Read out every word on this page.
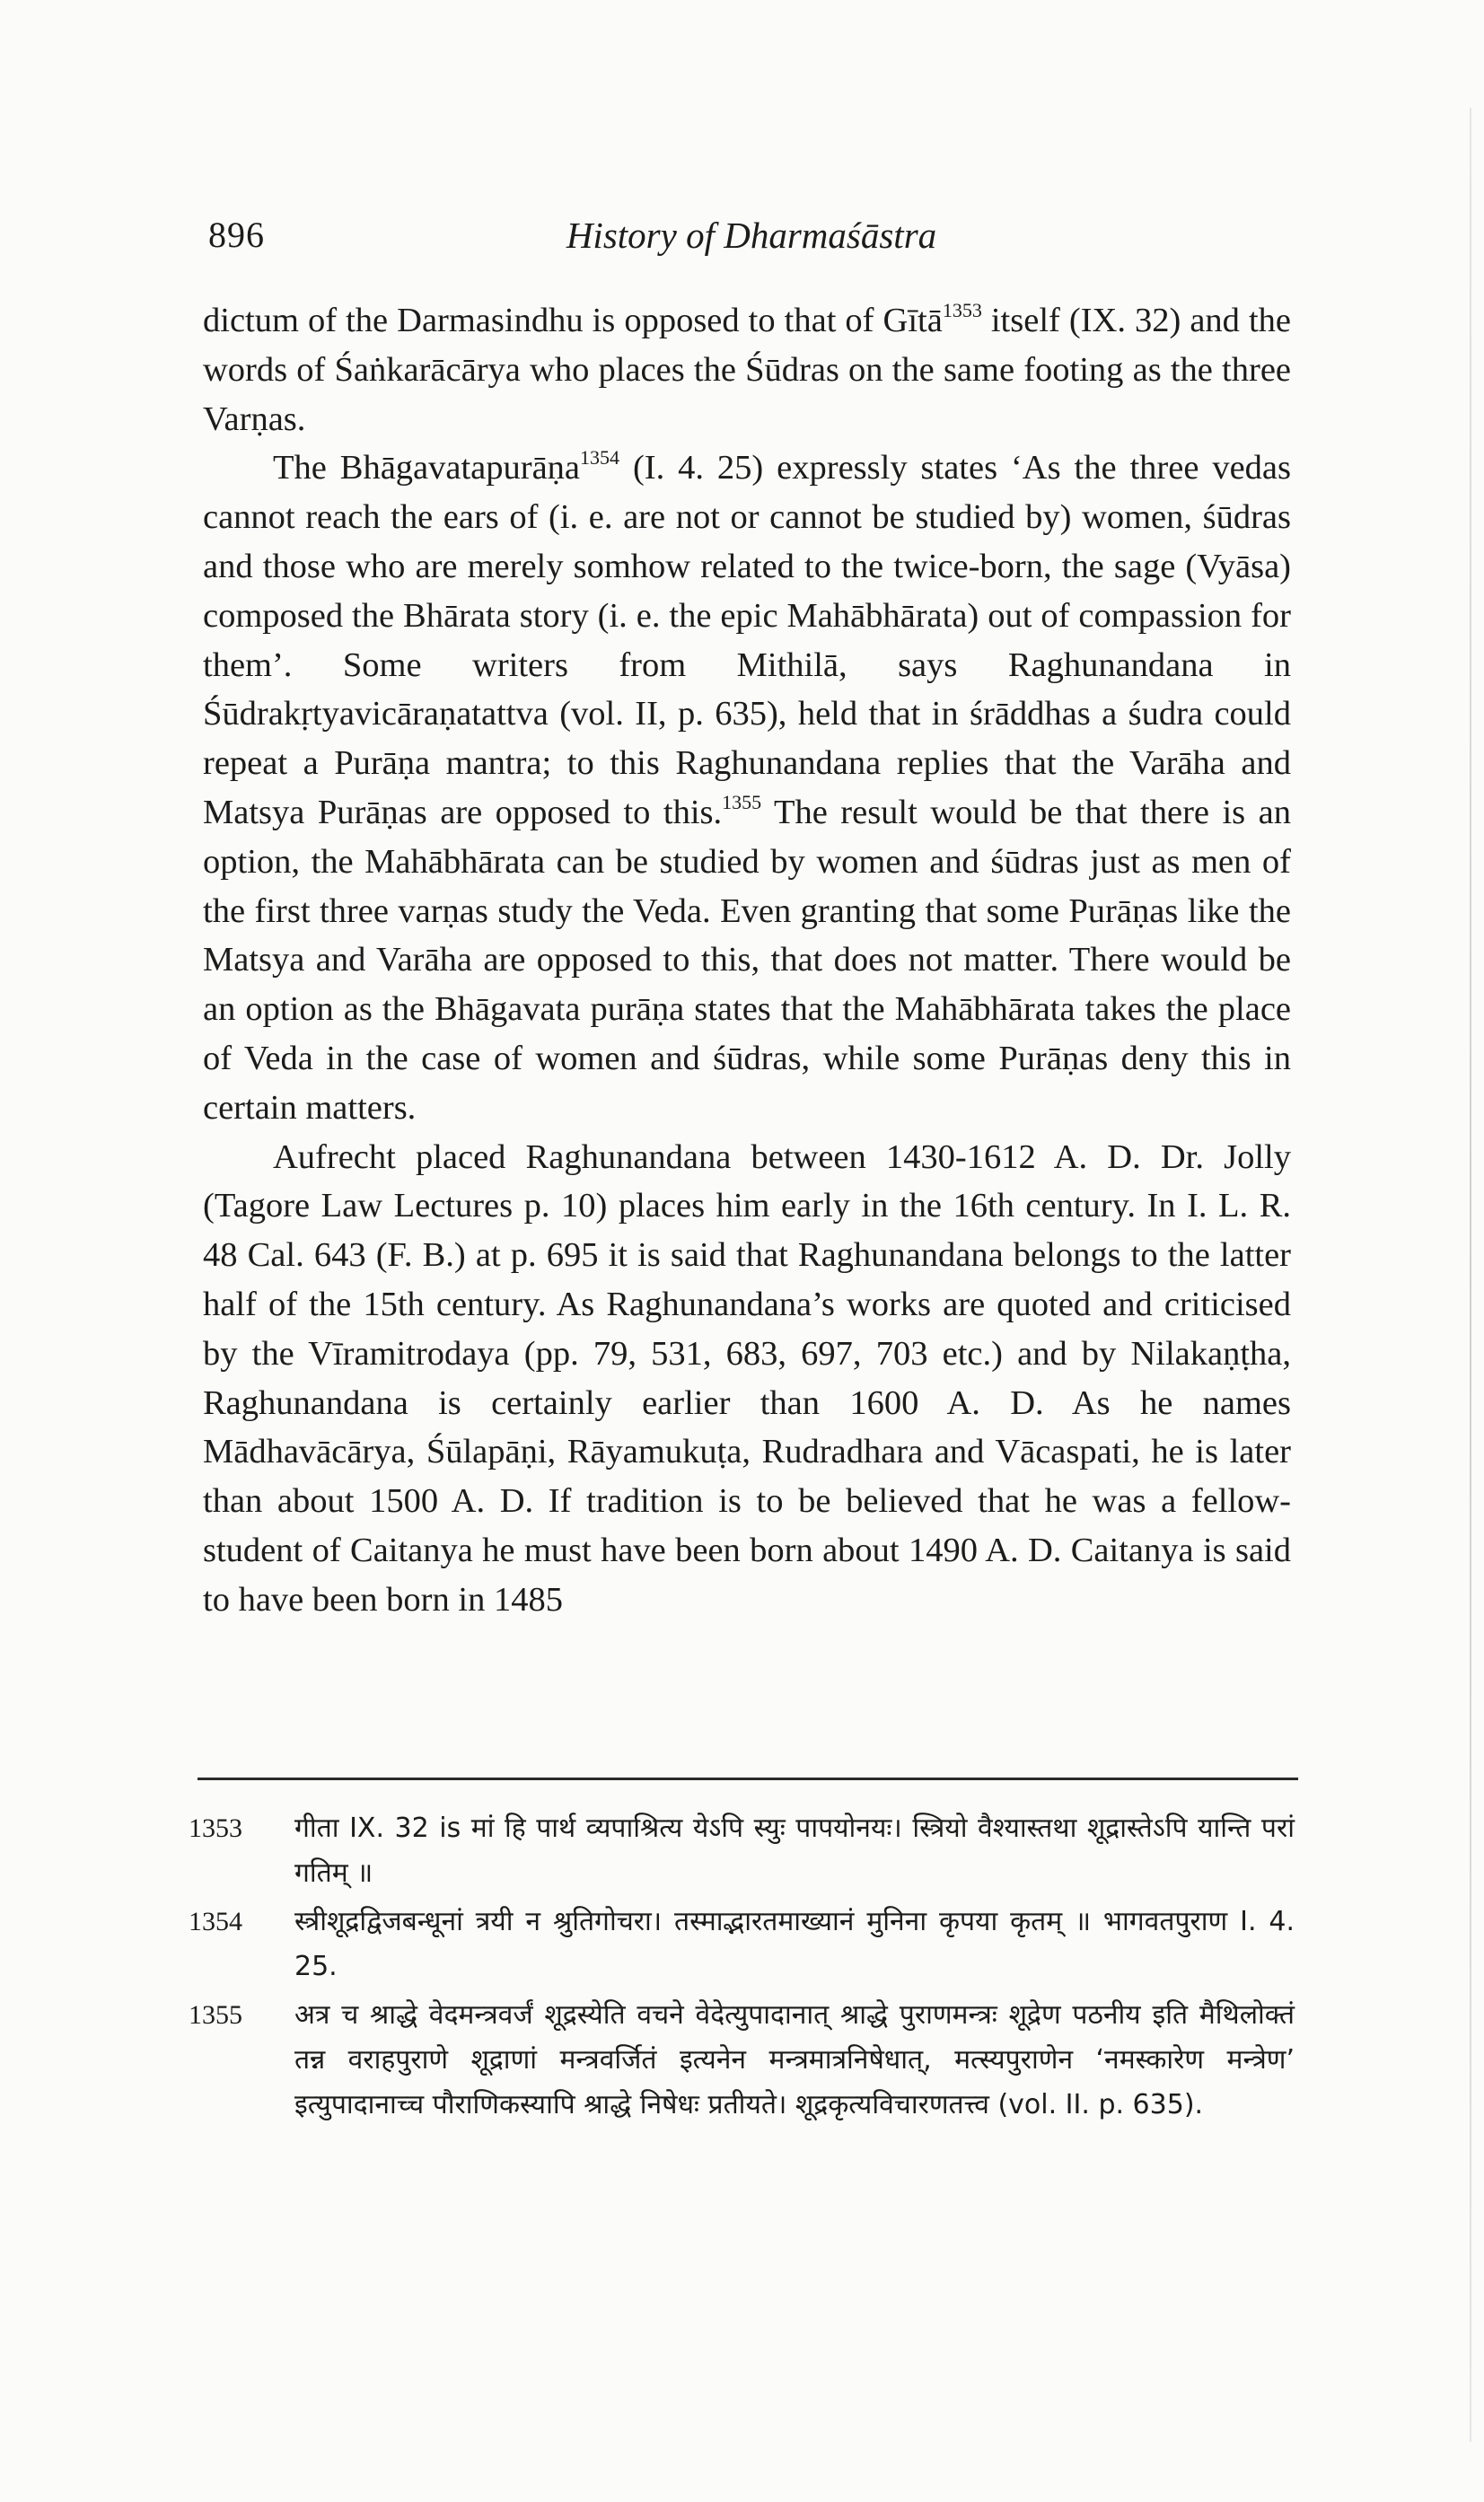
896	History of Dharmaśāstra

dictum of the Darmasindhu is opposed to that of Gītā$^{1353}$ itself (IX. 32) and the words of Śaṅkarācārya who places the Śūdras on the same footing as the three Varṇas.

The Bhāgavatapurāṇa$^{1354}$ (I. 4. 25) expressly states ‘As the three vedas cannot reach the ears of (i. e. are not or cannot be studied by) women, śūdras and those who are merely somhow related to the twice-born, the sage (Vyāsa) composed the Bhārata story (i. e. the epic Mahābhārata) out of compassion for them’. Some writers from Mithilā, says Raghunandana in Śūdrakṛtyavicāraṇatattva (vol. II, p. 635), held that in śrāddhas a śudra could repeat a Purāṇa mantra; to this Raghunandana replies that the Varāha and Matsya Purāṇas are opposed to this.$^{1355}$ The result would be that there is an option, the Mahābhārata can be studied by women and śūdras just as men of the first three varṇas study the Veda. Even granting that some Purāṇas like the Matsya and Varāha are opposed to this, that does not matter. There would be an option as the Bhāgavata purāṇa states that the Mahābhārata takes the place of Veda in the case of women and śūdras, while some Purāṇas deny this in certain matters.

Aufrecht placed Raghunandana between 1430-1612 A. D. Dr. Jolly (Tagore Law Lectures p. 10) places him early in the 16th century. In I. L. R. 48 Cal. 643 (F. B.) at p. 695 it is said that Raghunandana belongs to the latter half of the 15th century. As Raghunandana’s works are quoted and criticised by the Vīramitrodaya (pp. 79, 531, 683, 697, 703 etc.) and by Nilakaṇṭha, Raghunandana is certainly earlier than 1600 A. D. As he names Mādhavācārya, Śūlapāṇi, Rāyamukuṭa, Rudradhara and Vācaspati, he is later than about 1500 A. D. If tradition is to be believed that he was a fellow-student of Caitanya he must have been born about 1490 A. D. Caitanya is said to have been born in 1485

1353	गीता IX. 32 is मां हि पार्थ व्यपाश्रित्य येऽपि स्युः पापयोनयः। स्त्रियो वैश्यास्तथा शूद्रास्तेऽपि यान्ति परां गतिम् ॥
1354	स्त्रीशूद्रद्विजबन्धूनां त्रयी न श्रुतिगोचरा। तस्माद्भारतमाख्यानं मुनिना कृपया कृतम् ॥ भागवतपुराण I. 4. 25.
1355	अत्र च श्राद्धे वेदमन्त्रवर्जं शूद्रस्येति वचने वेदेत्युपादानात् श्राद्धे पुराणमन्त्रः शूद्रेण पठनीय इति मैथिलोक्तं तन्न वराहपुराणे शूद्राणां मन्त्रवर्जितं इत्यनेन मन्त्रमात्रनिषेधात्, मत्स्यपुराणेन ‘नमस्कारेण मन्त्रेण’ इत्युपादानाच्च पौराणिकस्यापि श्राद्धे निषेधः प्रतीयते। शूद्रकृत्यविचारणतत्त्व (vol. II. p. 635).
